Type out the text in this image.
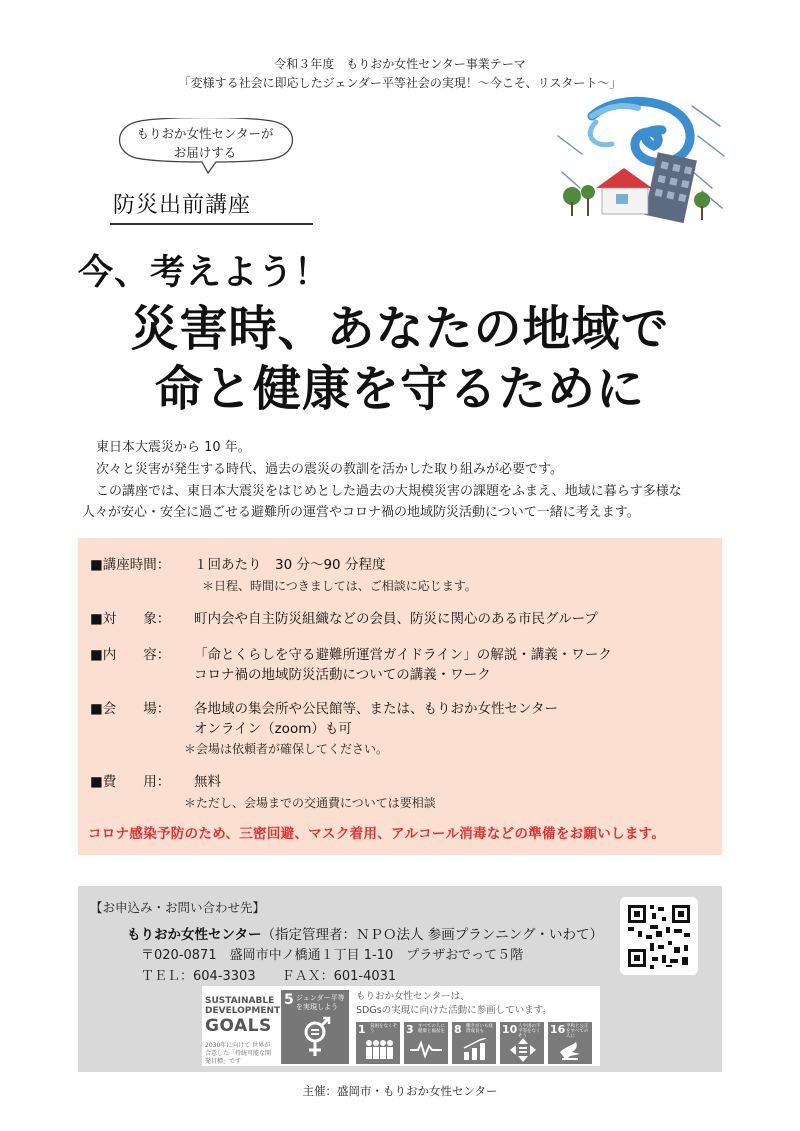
令和３年度　もりおか女性センター事業テーマ
「変様する社会に即応したジェンダー平等社会の実現！～今こそ、リスタート～」
もりおか女性センターが
お届けする
防災出前講座
今、考えよう！
災害時、あなたの地域で
命と健康を守るために

東日本大震災から 10 年。

次々と災害が発生する時代、過去の震災の教訓を活かした取り組みが必要です。

この講座では、東日本大震災をはじめとした過去の大規模災害の課題をふまえ、地域に暮らす多様な

人々が安心・安全に過ごせる避難所の運営やコロナ禍の地域防災活動について一緒に考えます。

■講座時間： １回あたり　30 分～90 分程度
＊日程、時間につきましては、ご相談に応じます。
■対　　象： 町内会や自主防災組織などの会員、防災に関心のある市民グループ
■内　　容： 「命とくらしを守る避難所運営ガイドライン」の解説・講義・ワーク
コロナ禍の地域防災活動についての講義・ワーク
■会　　場： 各地域の集会所や公民館等、または、もりおか女性センター
オンライン（zoom）も可
＊会場は依頼者が確保してください。
■費　　用： 無料
＊ただし、会場までの交通費については要相談
コロナ感染予防のため、三密回避、マスク着用、アルコール消毒などの準備をお願いします。
【お申込み・お問い合わせ先】
もりおか女性センター（指定管理者：ＮＰＯ法人 参画プランニング・いわて）
〒020-0871　盛岡市中ノ橋通１丁目 1-10　プラザおでって５階
ＴＥＬ：604-3303　　ＦＡＸ：601-4031
SUSTAINABLE
DEVELOPMENT
GOALS
2030年に向けて 世界が合意した「持続可能な開発目標」です
5 ジェンダー平等を実現しよう
もりおか女性センターは、
SDGsの実現に向けた活動に参画しています。
1 貧困をなくそう	3 すべての人に健康と福祉を 8 働きがいも経済成長も	10 人や国の不平等をなくそう
16 平和と公正をすべての人に
主催：盛岡市・もりおか女性センター
